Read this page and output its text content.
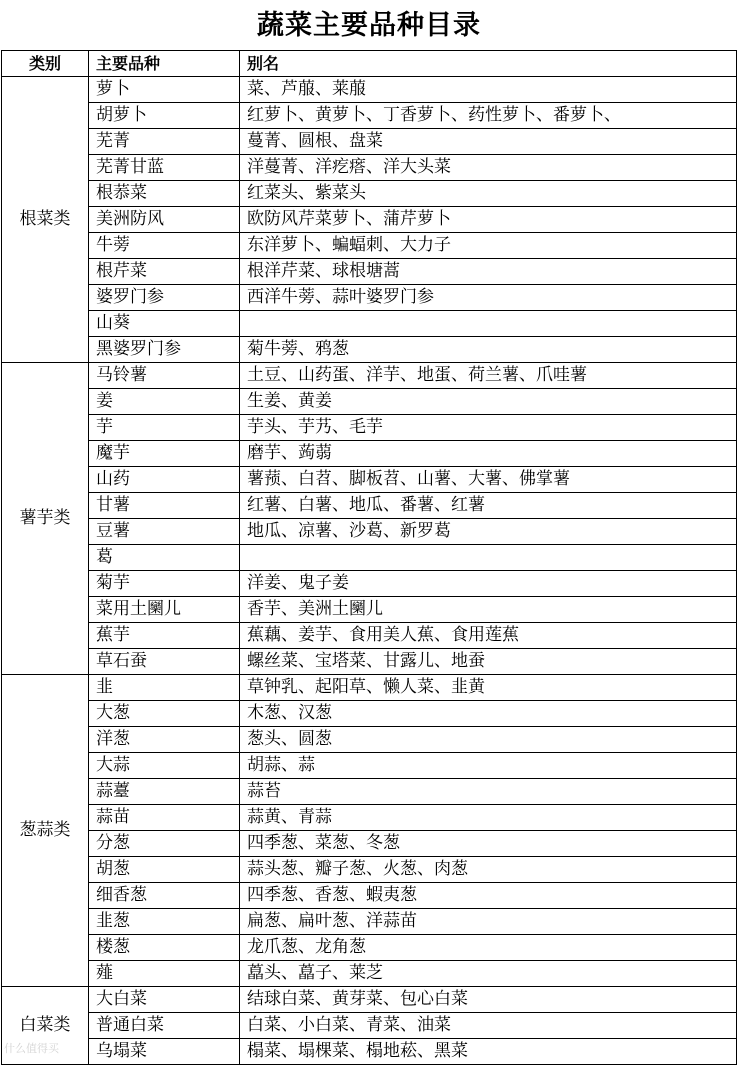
蔬菜主要品种目录
类别	主要品种	别名
根菜类	萝卜	菜、芦菔、莱菔
	胡萝卜	红萝卜、黄萝卜、丁香萝卜、药性萝卜、番萝卜、
	芜菁	蔓菁、圆根、盘菜
	芜菁甘蓝	洋蔓菁、洋疙瘩、洋大头菜
	根菾菜	红菜头、紫菜头
	美洲防风	欧防风芹菜萝卜、蒲芹萝卜
	牛蒡	东洋萝卜、蝙蝠刺、大力子
	根芹菜	根洋芹菜、球根塘蒿
	婆罗门参	西洋牛蒡、蒜叶婆罗门参
	山葵	
	黑婆罗门参	菊牛蒡、鸦葱
薯芋类	马铃薯	土豆、山药蛋、洋芋、地蛋、荷兰薯、爪哇薯
	姜	生姜、黄姜
	芋	芋头、芋艿、毛芋
	魔芋	磨芋、蒟蒻
	山药	薯蓣、白苕、脚板苕、山薯、大薯、佛掌薯
	甘薯	红薯、白薯、地瓜、番薯、红薯
	豆薯	地瓜、凉薯、沙葛、新罗葛
	葛	
	菊芋	洋姜、鬼子姜
	菜用土圞儿	香芋、美洲土圞儿
	蕉芋	蕉藕、姜芋、食用美人蕉、食用莲蕉
	草石蚕	螺丝菜、宝塔菜、甘露儿、地蚕
葱蒜类	韭	草钟乳、起阳草、懒人菜、韭黄
	大葱	木葱、汉葱
	洋葱	葱头、圆葱
	大蒜	胡蒜、蒜
	蒜薹	蒜苔
	蒜苗	蒜黄、青蒜
	分葱	四季葱、菜葱、冬葱
	胡葱	蒜头葱、瓣子葱、火葱、肉葱
	细香葱	四季葱、香葱、蝦夷葱
	韭葱	扁葱、扁叶葱、洋蒜苗
	楼葱	龙爪葱、龙角葱
	薤	藠头、藠子、莱芝
白菜类	大白菜	结球白菜、黄芽菜、包心白菜
	普通白菜	白菜、小白菜、青菜、油菜
	乌塌菜	榻菜、塌棵菜、榻地菘、黑菜
什么值得买
